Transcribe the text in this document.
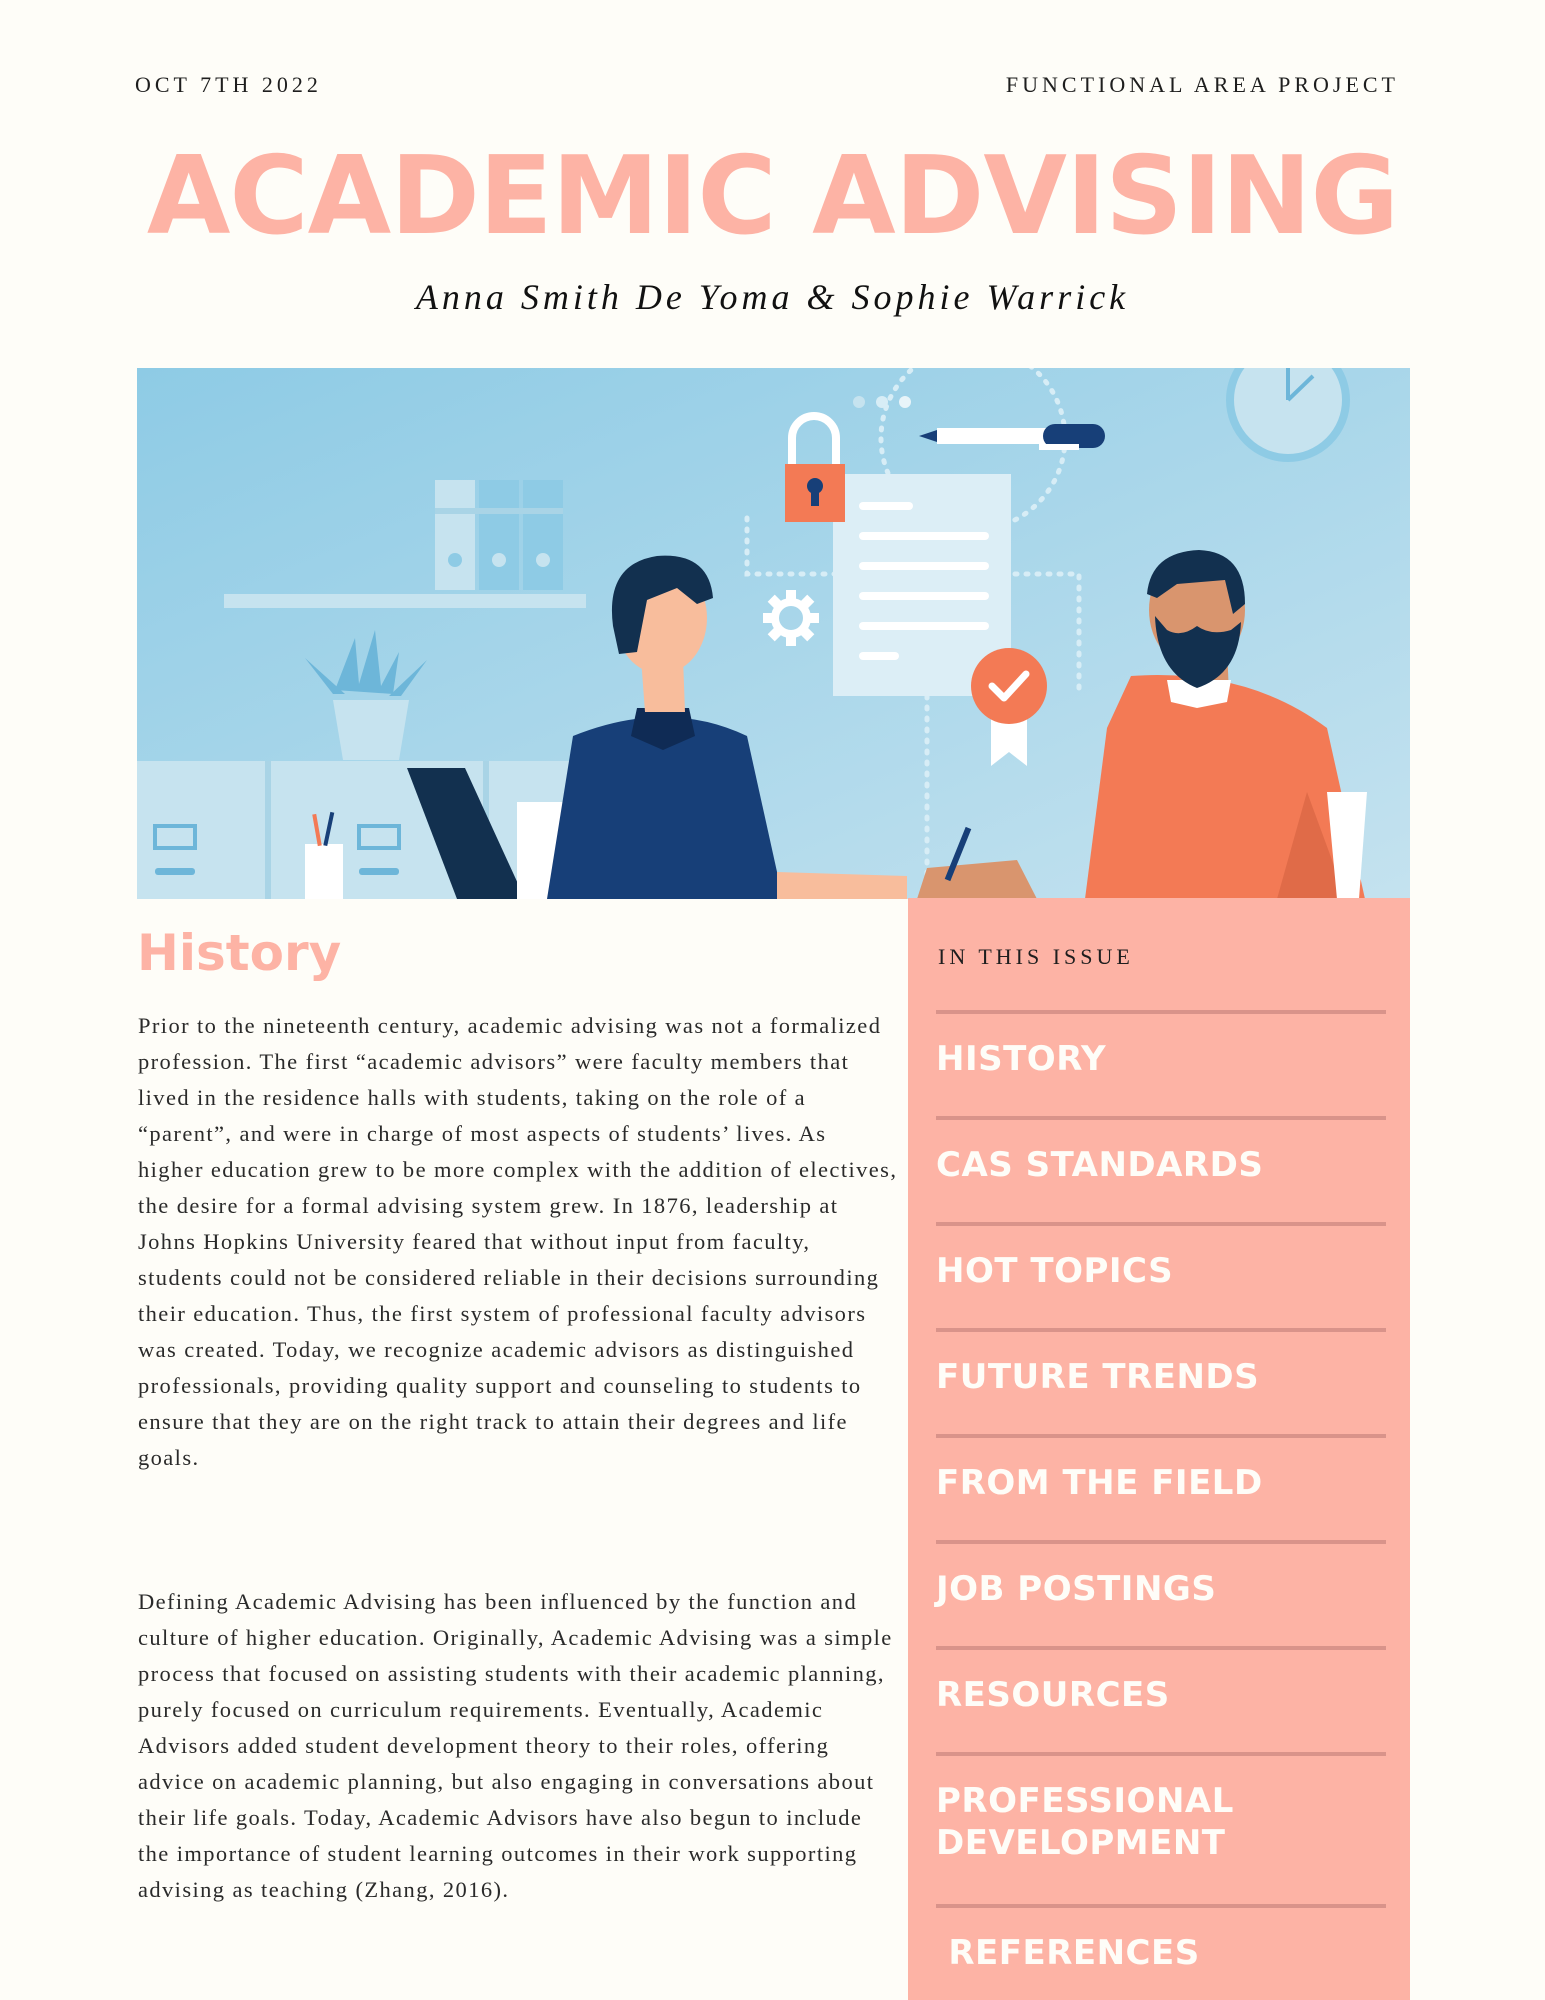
OCT 7TH 2022	FUNCTIONAL AREA PROJECT
ACADEMIC ADVISING
Anna Smith De Yoma & Sophie Warrick
History

Prior to the nineteenth century, academic advising was not a formalized profession. The first “academic advisors” were faculty members that lived in the residence halls with students, taking on the role of a “parent”, and were in charge of most aspects of students’ lives. As higher education grew to be more complex with the addition of electives, the desire for a formal advising system grew. In 1876, leadership at Johns Hopkins University feared that without input from faculty, students could not be considered reliable in their decisions surrounding their education. Thus, the first system of professional faculty advisors was created. Today, we recognize academic advisors as distinguished professionals, providing quality support and counseling to students to ensure that they are on the right track to attain their degrees and life goals.

Defining Academic Advising has been influenced by the function and culture of higher education. Originally, Academic Advising was a simple process that focused on assisting students with their academic planning, purely focused on curriculum requirements. Eventually, Academic Advisors added student development theory to their roles, offering advice on academic planning, but also engaging in conversations about their life goals. Today, Academic Advisors have also begun to include the importance of student learning outcomes in their work supporting advising as teaching (Zhang, 2016).

IN THIS ISSUE
HISTORY
CAS STANDARDS
HOT TOPICS
FUTURE TRENDS
FROM THE FIELD
JOB POSTINGS
RESOURCES
PROFESSIONAL
DEVELOPMENT
REFERENCES
